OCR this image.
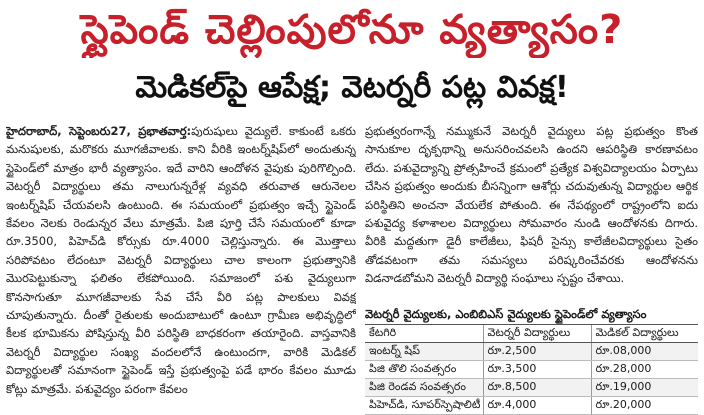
స్టైపెండ్ చెల్లింపులోనూ వ్యత్యాసం?
మెడికల్‌పై ఆపేక్ష; వెటర్నరీ పట్ల వివక్ష!
హైదరాబాద్, సెప్టెంబరు27, ప్రభాతవార్త:పురుషులు వైద్యులే. కాకుంటే ఒకరు మనుషులకు, మరొకరు మూగజీవాలకు. కాని వీరికి ఇంటర్న్‌షిప్‌లో అందుతున్న స్టైపెండ్‌లో మాత్రం భారీ వ్యత్యాసం. ఇదే వారిని ఆందోళన వైపుకు పురిగొల్పింది. వెటర్నరీ విద్యార్థులు తమ నాలుగున్నరేళ్ల వ్యవధి తరువాత ఆరునెలల ఇంటర్న్‌షిప్ చేయవలసి ఉంటుంది. ఈ సమయంలో ప్రభుత్వం ఇచ్చే స్టైపెండ్ కేవలం నెలకు రెండున్నర వేలు మాత్రమే. పిజి పూర్తి చేసే సమయంలో కూడా రూ.3500, పిహెచ్‌డి కోర్సుకు రూ.4000 చెల్లిస్తున్నారు. ఈ మొత్తాలు సరిపోవటం లేదంటూ వెటర్నరీ విద్యార్థులు చాల కాలంగా ప్రభుత్వానికి మొరపెట్టుకున్నా ఫలితం లేకపోయింది. సమాజంలో పశు వైద్యులుగా కొనసాగుతూ మూగజీవాలకు సేవ చేసే వీరి పట్ల పాలకులు వివక్ష చూపుతున్నారు. దీంతో రైతులకు అందుబాటులో ఉంటూ గ్రామీణ అభివృద్ధిలో కీలక భూమికను పోషిస్తున్న వీరి పరిస్థితి బాధకరంగా తయారైంది. వాస్తవానికి వెటర్నరీ విద్యార్థుల సంఖ్య వందలలోనే ఉంటుందగా, వారికి మెడికల్ విద్యార్థులతో సమానంగా స్టైపెండ్ ఇస్తే ప్రభుత్వంపై పడే భారం కేవలం మూడు కోట్లు మాత్రమే. పశువైద్యం పరంగా కేవలం
ప్రభుత్వరంగాన్నే నమ్ముకునే వెటర్నరీ వైద్యులు పట్ల ప్రభుత్వం కొంత సానుకూల దృక్పథాన్ని అనుసరించవలసి ఉందని ఆపరిస్థితి కారణావటం లేదు. పశువైద్యాన్ని ప్రోత్సహించే క్రమంలో ప్రత్యేక విశ్వవిద్యాలయం ఏర్పాటు చేసిన ప్రభుత్వం అందుకు బీసన్నింగా ఆశోర్లు చదువుతున్న విద్యార్థుల ఆర్థిక పరిస్థితిని అంచనా వేయలేక పోతుంది. ఈ నేపథ్యంలో రాష్ట్రంలోని ఐదు పశువైద్య కళాశాలల విద్యార్థులు సోమవారం నుండి ఆందోళనకు దిగారు. వీరికి మద్దతుగా డైరీ కాలేజీలు, ఫిషరీ సైన్సు కాలేజీలవిద్యార్థులు సైతం తోడవటంగా తమ సమస్యలు పరిష్కరించేవరకు ఆందోళనను విడనాడబోమని వెటర్నరీ విద్యార్థి సంఘాలు స్పష్టం చేశాయి.
వెటర్నరీ వైద్యులకు, ఎంబిబిఎస్ వైద్యులకు స్టైపెండ్‌లో వ్యత్యాసం
కేటగిరి	వెటర్నరీ విద్యార్థులు	మెడికల్ విద్యార్థులు
ఇంటర్న్ షిప్	రూ.2,500	రూ.08,000
పిజి తొలి సంవత్సరం	రూ.3,500	రూ.28,000
పిజి రెండవ సంవత్సరం	రూ.8,500	రూ.19,000
పిహెచ్‌డి, సూపర్‌స్పెషాలిటీ	రూ.4,000	రూ.20,000
